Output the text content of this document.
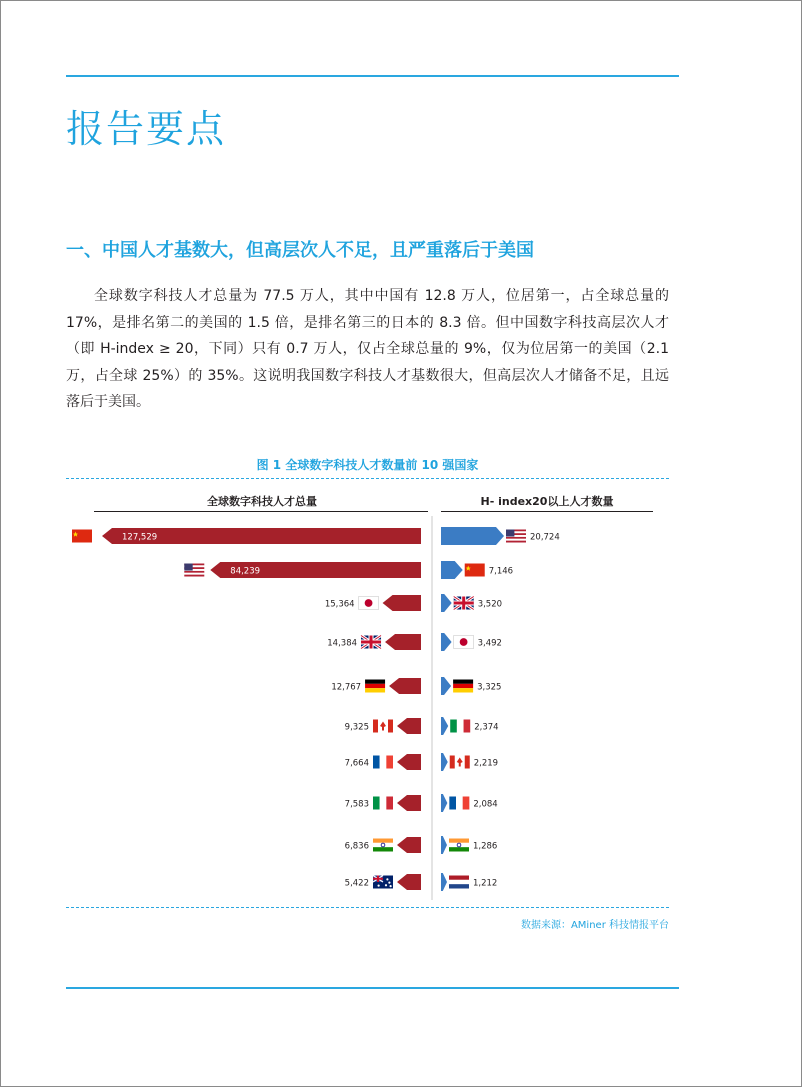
报告要点
一、中国人才基数大，但高层次人不足，且严重落后于美国
全球数字科技人才总量为 77.5 万人，其中中国有 12.8 万人，位居第一，占全球总量的 17%，是排名第二的美国的 1.5 倍，是排名第三的日本的 8.3 倍。但中国数字科技高层次人才（即 H-index ≥ 20，下同）只有 0.7 万人，仅占全球总量的 9%，仅为位居第一的美国（2.1 万，占全球 25%）的 35%。这说明我国数字科技人才基数很大，但高层次人才储备不足，且远落后于美国。
图 1 全球数字科技人才数量前 10 强国家
全球数字科技人才总量	H- index20以上人才数量
127,529
84,239
15,364
14,384
12,767
9,325
7,664
7,583
6,836
5,422
20,724
7,146
3,520
3,492
3,325
2,374
2,219
2,084
1,286
1,212
数据来源：AMiner 科技情报平台
